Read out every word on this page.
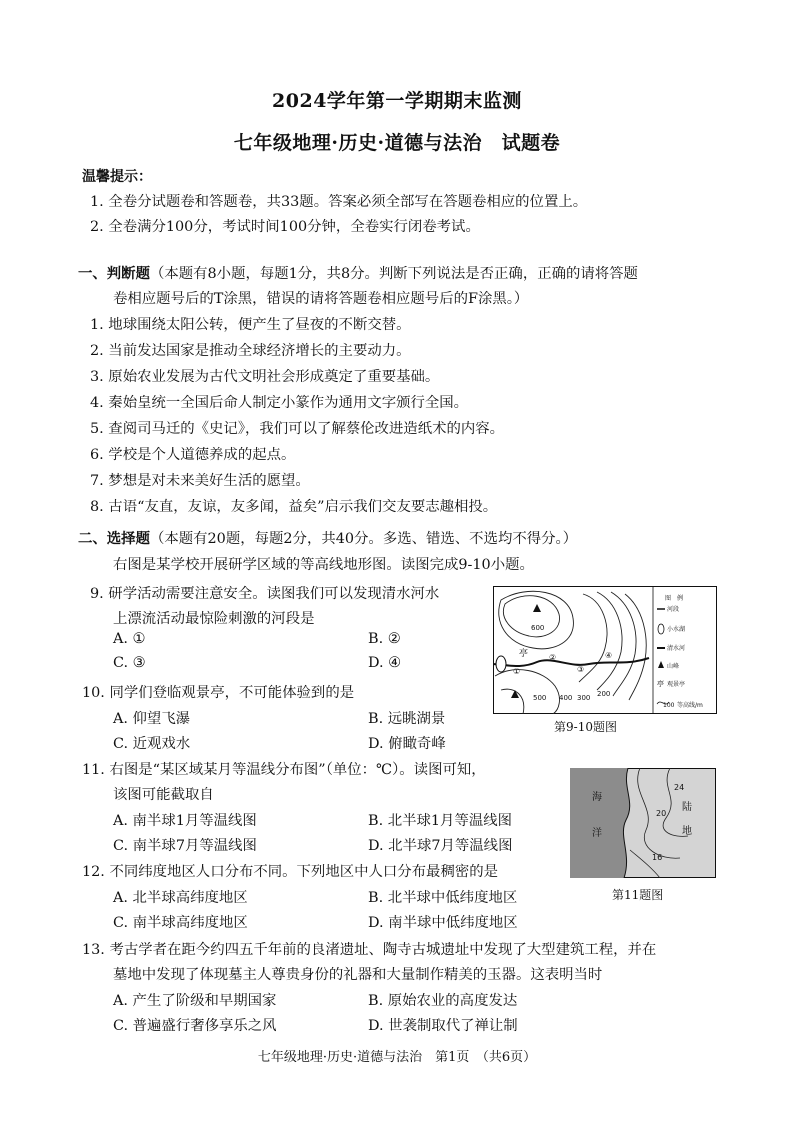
2024学年第一学期期末监测
七年级地理·历史·道德与法治　试题卷
温馨提示：
1. 全卷分试题卷和答题卷，共33题。答案必须全部写在答题卷相应的位置上。
2. 全卷满分100分，考试时间100分钟，全卷实行闭卷考试。
一、判断题（本题有8小题，每题1分，共8分。判断下列说法是否正确，正确的请将答题
卷相应题号后的T涂黑，错误的请将答题卷相应题号后的F涂黑。）
1. 地球围绕太阳公转，便产生了昼夜的不断交替。
2. 当前发达国家是推动全球经济增长的主要动力。
3. 原始农业发展为古代文明社会形成奠定了重要基础。
4. 秦始皇统一全国后命人制定小篆作为通用文字颁行全国。
5. 查阅司马迁的《史记》，我们可以了解蔡伦改进造纸术的内容。
6. 学校是个人道德养成的起点。
7. 梦想是对未来美好生活的愿望。
8. 古语“友直，友谅，友多闻，益矣”启示我们交友要志趣相投。
二、选择题（本题有20题，每题2分，共40分。多选、错选、不选均不得分。）
右图是某学校开展研学区域的等高线地形图。读图完成9-10小题。
9. 研学活动需要注意安全。读图我们可以发现清水河水
上漂流活动最惊险刺激的河段是
A. ①	B. ②
C. ③	D. ④
10. 同学们登临观景亭，不可能体验到的是
A. 仰望飞瀑	B. 远眺湖景
C. 近观戏水	D. 俯瞰奇峰
11. 右图是“某区域某月等温线分布图”（单位：℃）。读图可知，
该图可能截取自
A. 南半球1月等温线图	B. 北半球1月等温线图
C. 南半球7月等温线图	D. 北半球7月等温线图
12. 不同纬度地区人口分布不同。下列地区中人口分布最稠密的是
A. 北半球高纬度地区	B. 北半球中低纬度地区
C. 南半球高纬度地区	D. 南半球中低纬度地区
13. 考古学者在距今约四五千年前的良渚遗址、陶寺古城遗址中发现了大型建筑工程，并在
墓地中发现了体现墓主人尊贵身份的礼器和大量制作精美的玉器。这表明当时
A. 产生了阶级和早期国家	B. 原始农业的高度发达
C. 普遍盛行奢侈享乐之风	D. 世袭制取代了禅让制
亭
600
500 400 300 200
①
②
③
④
图　例
河段
小水湖
清水河
山峰
亭 观景亭
100 等高线/m
第9-10题图
24
20
16
海
洋
陆
地
第11题图
七年级地理·历史·道德与法治　第1页　（共6页）
